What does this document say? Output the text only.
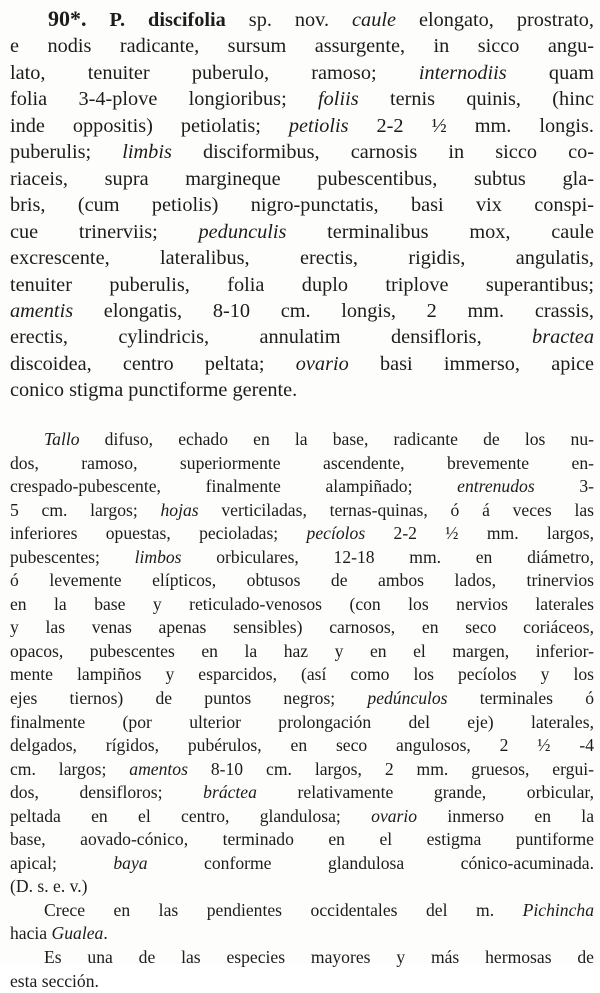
90*. P. discifolia sp. nov. caule elongato, prostrato,
e nodis radicante, sursum assurgente, in sicco angu-
lato, tenuiter puberulo, ramoso; internodiis quam
folia 3-4-plove longioribus; foliis ternis quinis, (hinc
inde oppositis) petiolatis; petiolis 2-2 ½ mm. longis.
puberulis; limbis disciformibus, carnosis in sicco co-
riaceis, supra margineque pubescentibus, subtus gla-
bris, (cum petiolis) nigro-punctatis, basi vix conspi-
cue trinerviis; pedunculis terminalibus mox, caule
excrescente, lateralibus, erectis, rigidis, angulatis,
tenuiter puberulis, folia duplo triplove superantibus;
amentis elongatis, 8-10 cm. longis, 2 mm. crassis,
erectis, cylindricis, annulatim densifloris, bractea
discoidea, centro peltata; ovario basi immerso, apice
conico stigma punctiforme gerente.
Tallo difuso, echado en la base, radicante de los nu-
dos, ramoso, superiormente ascendente, brevemente en-
crespado-pubescente, finalmente alampiñado; entrenudos 3-
5 cm. largos; hojas verticiladas, ternas-quinas, ó á veces las
inferiores opuestas, pecioladas; pecíolos 2-2 ½ mm. largos,
pubescentes; limbos orbiculares, 12-18 mm. en diámetro,
ó levemente elípticos, obtusos de ambos lados, trinervios
en la base y reticulado-venosos (con los nervios laterales
y las venas apenas sensibles) carnosos, en seco coriáceos,
opacos, pubescentes en la haz y en el margen, inferior-
mente lampiños y esparcidos, (así como los pecíolos y los
ejes tiernos) de puntos negros; pedúnculos terminales ó
finalmente (por ulterior prolongación del eje) laterales,
delgados, rígidos, pubérulos, en seco angulosos, 2 ½ -4
cm. largos; amentos 8-10 cm. largos, 2 mm. gruesos, ergui-
dos, densifloros; bráctea relativamente grande, orbicular,
peltada en el centro, glandulosa; ovario inmerso en la
base, aovado-cónico, terminado en el estigma puntiforme
apical; baya conforme glandulosa cónico-acuminada.
(D. s. e. v.)
Crece en las pendientes occidentales del m. Pichincha
hacia Gualea.
Es una de las especies mayores y más hermosas de
esta sección.
